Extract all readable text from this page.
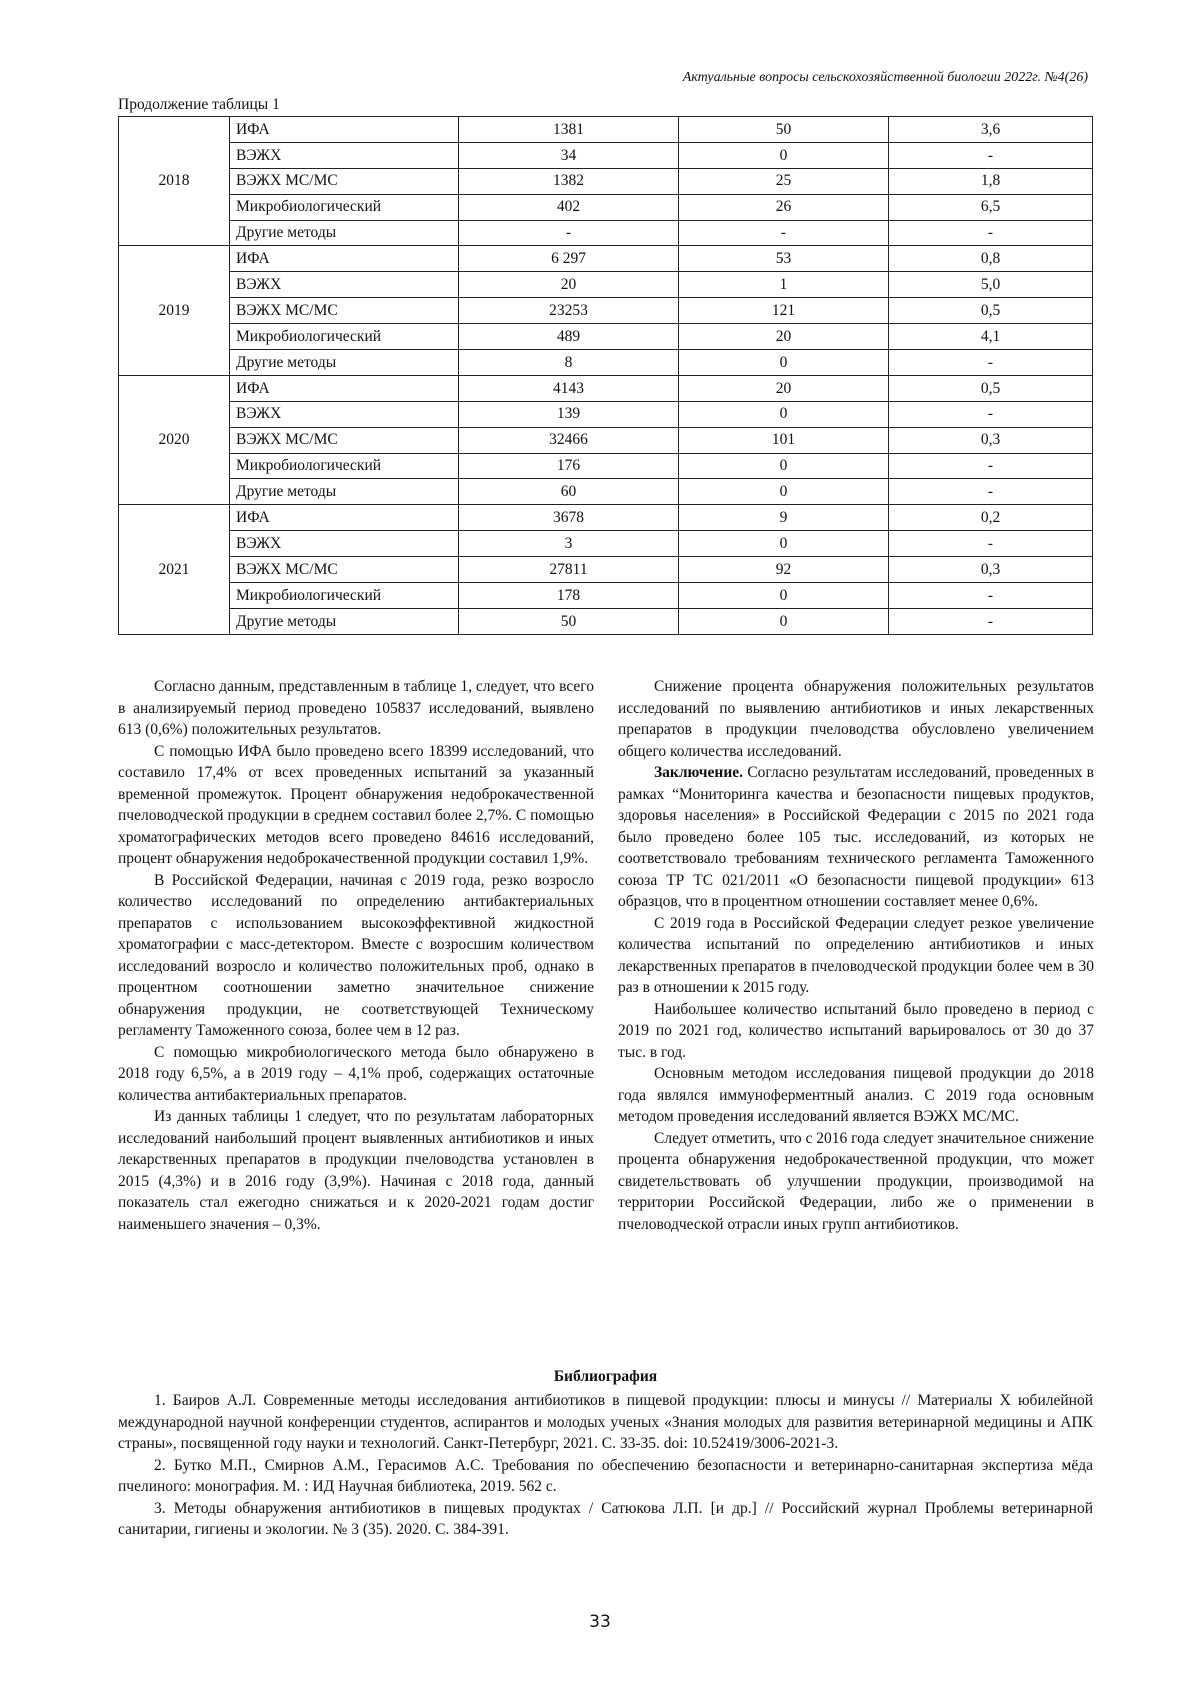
Актуальные вопросы сельскохозяйственной биологии 2022г. №4(26)
Продолжение таблицы 1
2018	ИФА	1381	50	3,6
	ВЭЖХ	34	0	-
	ВЭЖХ МС/МС	1382	25	1,8
	Микробиологический	402	26	6,5
	Другие методы	-	-	-
2019	ИФА	6 297	53	0,8
	ВЭЖХ	20	1	5,0
	ВЭЖХ МС/МС	23253	121	0,5
	Микробиологический	489	20	4,1
	Другие методы	8	0	-
2020	ИФА	4143	20	0,5
	ВЭЖХ	139	0	-
	ВЭЖХ МС/МС	32466	101	0,3
	Микробиологический	176	0	-
	Другие методы	60	0	-
2021	ИФА	3678	9	0,2
	ВЭЖХ	3	0	-
	ВЭЖХ МС/МС	27811	92	0,3
	Микробиологический	178	0	-
	Другие методы	50	0	-

Согласно данным, представленным в таблице 1, следует, что всего в анализируемый период проведено 105837 исследований, выявлено 613 (0,6%) положительных результатов.

С помощью ИФА было проведено всего 18399 исследований, что составило 17,4% от всех проведенных испытаний за указанный временной промежуток. Процент обнаружения недоброкачественной пчеловодческой продукции в среднем составил более 2,7%. С помощью хроматографических методов всего проведено 84616 исследований, процент обнаружения недоброкачественной продукции составил 1,9%.

В Российской Федерации, начиная с 2019 года, резко возросло количество исследований по определению антибактериальных препаратов с использованием высокоэффективной жидкостной хроматографии с масс-детектором. Вместе с возросшим количеством исследований возросло и количество положительных проб, однако в процентном соотношении заметно значительное снижение обнаружения продукции, не соответствующей Техническому регламенту Таможенного союза, более чем в 12 раз.

С помощью микробиологического метода было обнаружено в 2018 году 6,5%, а в 2019 году – 4,1% проб, содержащих остаточные количества антибактериальных препаратов.

Из данных таблицы 1 следует, что по результатам лабораторных исследований наибольший процент выявленных антибиотиков и иных лекарственных препаратов в продукции пчеловодства установлен в 2015 (4,3%) и в 2016 году (3,9%). Начиная с 2018 года, данный показатель стал ежегодно снижаться и к 2020-2021 годам достиг наименьшего значения – 0,3%.

Снижение процента обнаружения положительных результатов исследований по выявлению антибиотиков и иных лекарственных препаратов в продукции пчеловодства обусловлено увеличением общего количества исследований.

Заключение. Согласно результатам исследований, проведенных в рамках “Мониторинга качества и безопасности пищевых продуктов, здоровья населения» в Российской Федерации с 2015 по 2021 года было проведено более 105 тыс. исследований, из которых не соответствовало требованиям технического регламента Таможенного союза ТР ТС 021/2011 «О безопасности пищевой продукции» 613 образцов, что в процентном отношении составляет менее 0,6%.

С 2019 года в Российской Федерации следует резкое увеличение количества испытаний по определению антибиотиков и иных лекарственных препаратов в пчеловодческой продукции более чем в 30 раз в отношении к 2015 году.

Наибольшее количество испытаний было проведено в период с 2019 по 2021 год, количество испытаний варьировалось от 30 до 37 тыс. в год.

Основным методом исследования пищевой продукции до 2018 года являлся иммуноферментный анализ. С 2019 года основным методом проведения исследований является ВЭЖХ МС/МС.

Следует отметить, что с 2016 года следует значительное снижение процента обнаружения недоброкачественной продукции, что может свидетельствовать об улучшении продукции, производимой на территории Российской Федерации, либо же о применении в пчеловодческой отрасли иных групп антибиотиков.

Библиография

1. Баиров А.Л. Современные методы исследования антибиотиков в пищевой продукции: плюсы и минусы // Материалы X юбилейной международной научной конференции студентов, аспирантов и молодых ученых «Знания молодых для развития ветеринарной медицины и АПК страны», посвященной году науки и технологий. Санкт-Петербург, 2021. С. 33-35. doi: 10.52419/3006-2021-3.

2. Бутко М.П., Смирнов А.М., Герасимов А.С. Требования по обеспечению безопасности и ветеринарно-санитарная экспертиза мёда пчелиного: монография. М. : ИД Научная библиотека, 2019. 562 с.

3. Методы обнаружения антибиотиков в пищевых продуктах / Сатюкова Л.П. [и др.] // Российский журнал Проблемы ветеринарной санитарии, гигиены и экологии. № 3 (35). 2020. С. 384-391.

33
